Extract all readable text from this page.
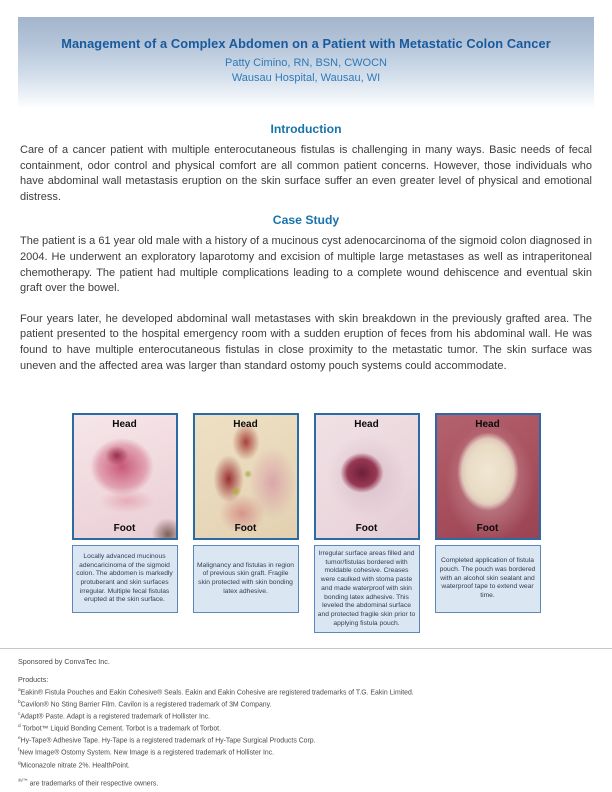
Management of a Complex Abdomen on a Patient with Metastatic Colon Cancer
Patty Cimino, RN, BSN, CWOCN
Wausau Hospital, Wausau, WI
Introduction

Care of a cancer patient with multiple enterocutaneous fistulas is challenging in many ways. Basic needs of fecal containment, odor control and physical comfort are all common patient concerns. However, those individuals who have abdominal wall metastasis eruption on the skin surface suffer an even greater level of physical and emotional distress.

Case Study

The patient is a 61 year old male with a history of a mucinous cyst adenocarcinoma of the sigmoid colon diagnosed in 2004. He underwent an exploratory laparotomy and excision of multiple large metastases as well as intraperitoneal chemotherapy. The patient had multiple complications leading to a complete wound dehiscence and eventual skin graft over the bowel.

Four years later, he developed abdominal wall metastases with skin breakdown in the previously grafted area. The patient presented to the hospital emergency room with a sudden eruption of feces from his abdominal wall. He was found to have multiple enterocutaneous fistulas in close proximity to the metastatic tumor. The skin surface was uneven and the affected area was larger than standard ostomy pouch systems could accommodate.

Head
Foot
Locally advanced mucinous adencaricinoma of the sigmoid colon. The abdomen is markedly protuberant and skin surfaces irregular. Multiple fecal fistulas erupted at the skin surface.
Head
Foot
Malignancy and fistulas in region of previous skin graft. Fragile skin protected with skin bonding latex adhesive.
Head
Foot
Irregular surface areas filled and tumor/fistulas bordered with moldable cohesive. Creases were caulked with stoma paste and made waterproof with skin bonding latex adhesive. This leveled the abdominal surface and protected fragile skin prior to applying fistula pouch.
Head
Foot
Completed application of fistula pouch. The pouch was bordered with an alcohol skin sealant and waterproof tape to extend wear time.

Sponsored by ConvaTec Inc.

Products:

$^a$Eakin® Fistula Pouches and Eakin Cohesive® Seals. Eakin and Eakin Cohesive are registered trademarks of T.G. Eakin Limited.

$^b$Cavilon® No Sting Barrier Film. Cavilon is a registered trademark of 3M Company.

$^c$Adapt® Paste. Adapt is a registered trademark of Hollister Inc.

$^d$ Torbot™ Liquid Bonding Cement. Torbot is a trademark of Torbot.

$^e$Hy-Tape® Adhesive Tape. Hy-Tape is a registered trademark of Hy-Tape Surgical Products Corp.

$^f$New Image® Ostomy System. New Image is a registered trademark of Hollister Inc.

$^g$Miconazole nitrate 2%. HealthPoint.

®/™ are trademarks of their respective owners.
